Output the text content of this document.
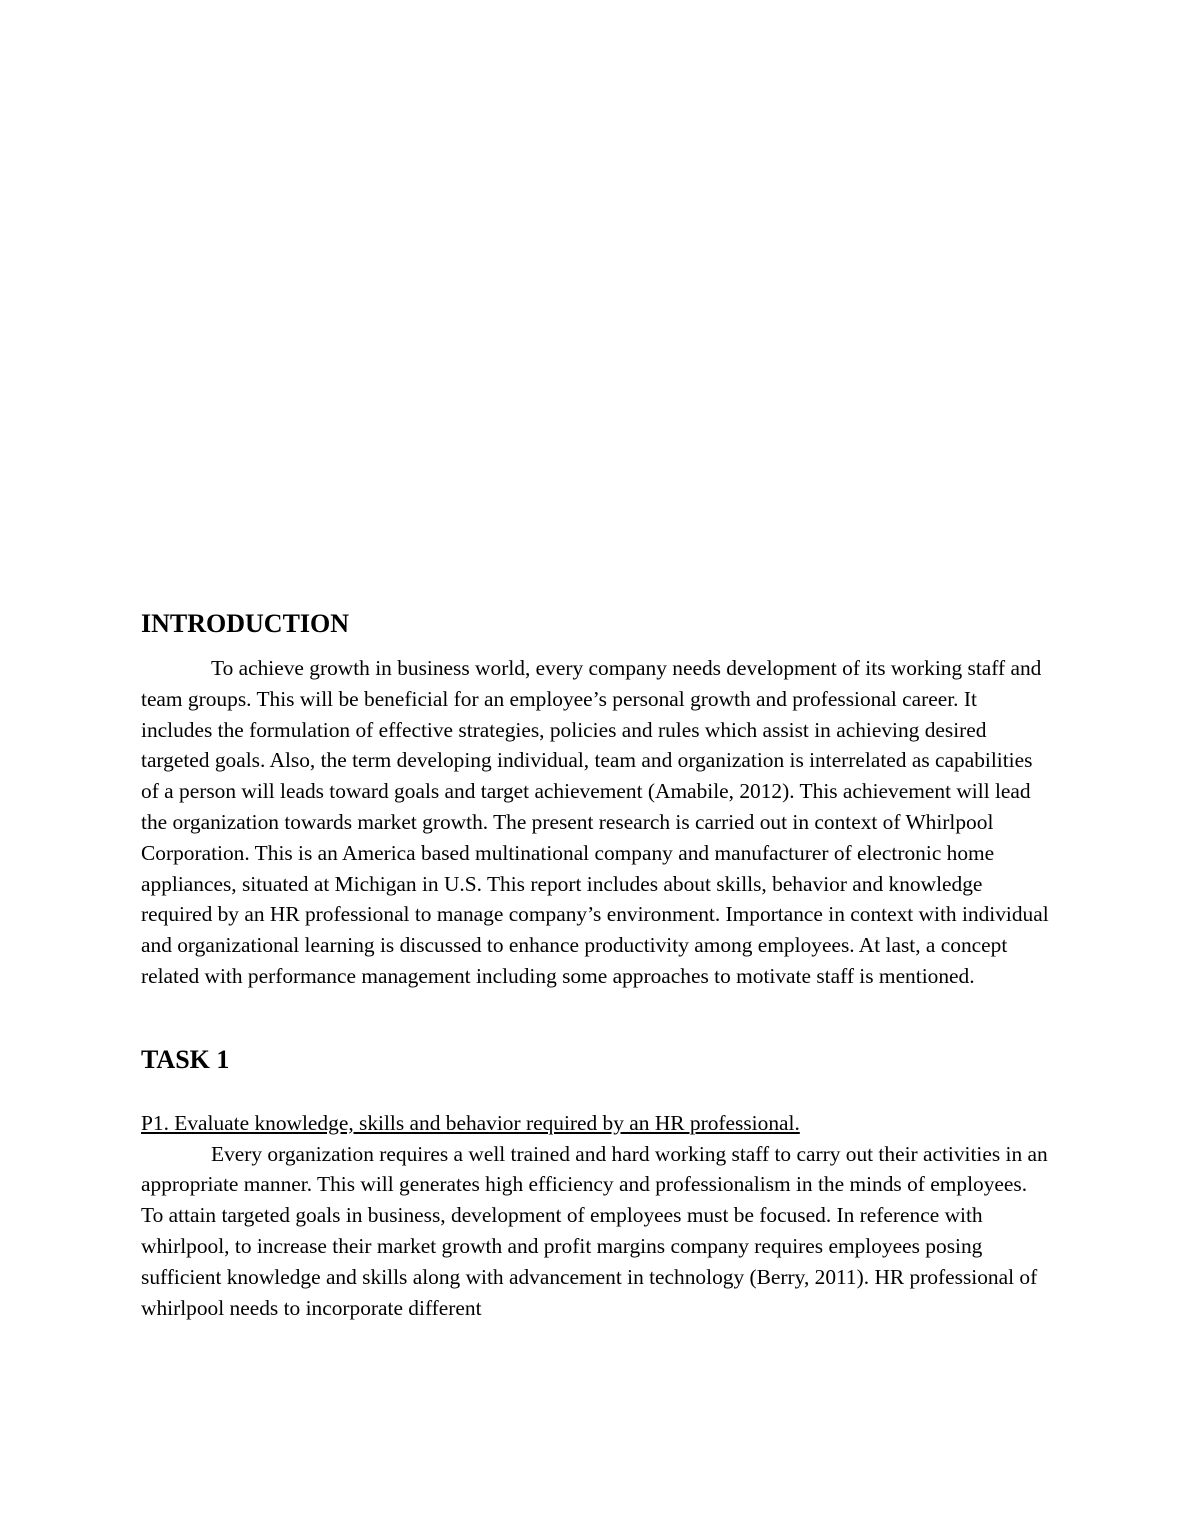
INTRODUCTION

To achieve growth in business world, every company needs development of its working staff and team groups. This will be beneficial for an employee’s personal growth and professional career. It includes the formulation of effective strategies, policies and rules which assist in achieving desired targeted goals. Also, the term developing individual, team and organization is interrelated as capabilities of a person will leads toward goals and target achievement (Amabile, 2012). This achievement will lead the organization towards market growth. The present research is carried out in context of Whirlpool Corporation. This is an America based multinational company and manufacturer of electronic home appliances, situated at Michigan in U.S. This report includes about skills, behavior and knowledge required by an HR professional to manage company’s environment. Importance in context with individual and organizational learning is discussed to enhance productivity among employees. At last, a concept related with performance management including some approaches to motivate staff is mentioned.

TASK 1

P1. Evaluate knowledge, skills and behavior required by an HR professional.

Every organization requires a well trained and hard working staff to carry out their activities in an appropriate manner. This will generates high efficiency and professionalism in the minds of employees. To attain targeted goals in business, development of employees must be focused. In reference with whirlpool, to increase their market growth and profit margins company requires employees posing sufficient knowledge and skills along with advancement in technology (Berry, 2011). HR professional of whirlpool needs to incorporate different
